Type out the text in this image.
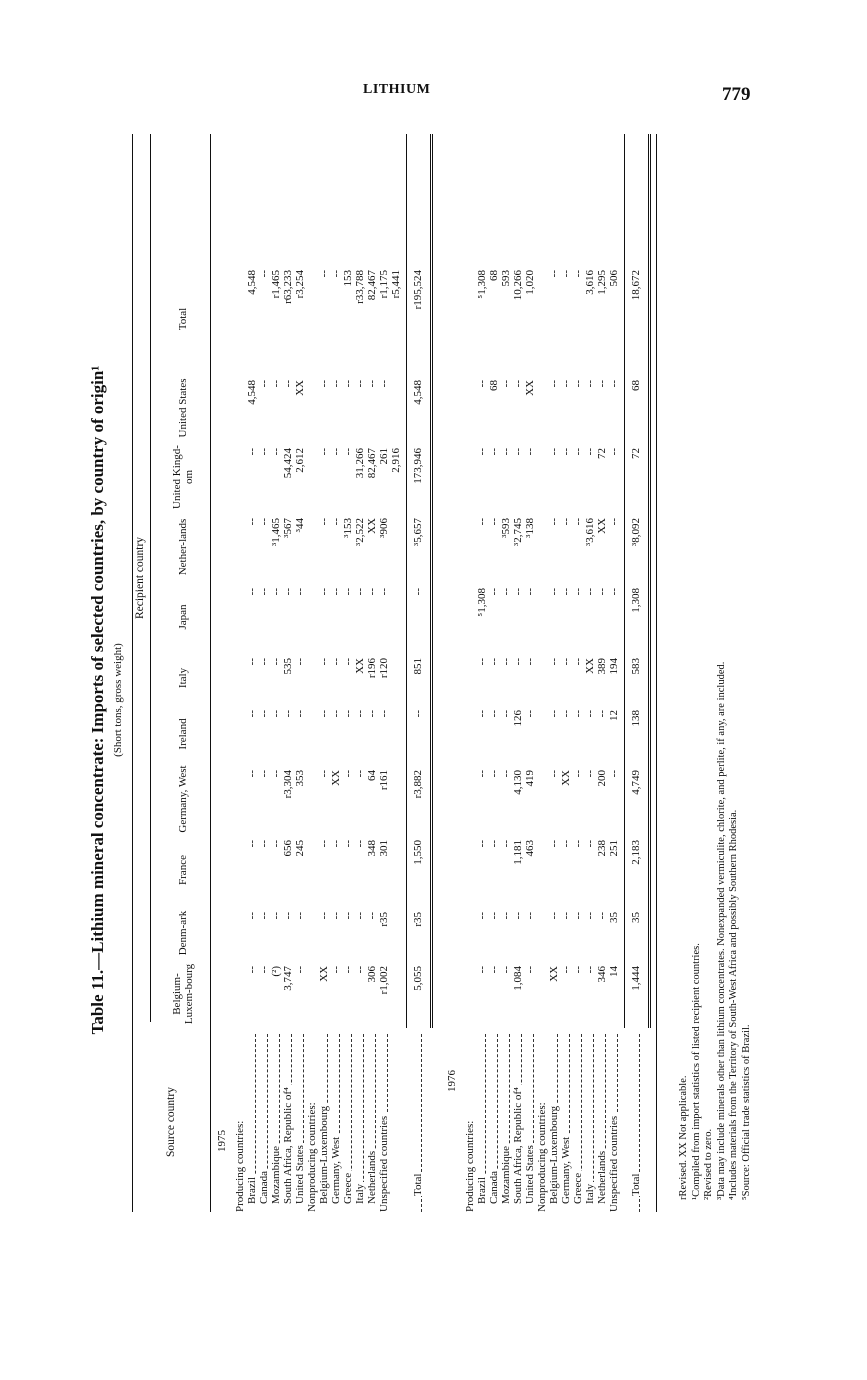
LITHIUM	779
Table 11.—Lithium mineral concentrate: Imports of selected countries, by country of origin¹ (Short tons, gross weight)
Source country
Recipient country
Belgium-Luxem-bourg
Denm-ark
France
Germany, West
Ireland
Italy
Japan
Nether-lands
United Kingd-om
United States
Total
1975 Producing countries: Brazil
--
--
--
--
--
--
--
--
--
4,548
4,548
Canada
--
--
--
--
--
--
--
--
--
--
--
Mozambique
(²)
--
--
--
--
--
--
³1,465
--
--
r1,465
South Africa, Republic of⁴
3,747
--
656
r3,304
--
535
--
³567
54,424
--
r63,233
United States
--
--
245
353
--
--
--
³44
2,612
XX
r3,254
Nonproducing countries: Belgium-Luxembourg
XX
--
--
--
--
--
--
--
--
--
--
Germany, West
--
--
--
XX
--
--
--
--
--
--
--
Greece
--
--
--
--
--
--
--
³153
--
--
153
Italy
--
--
--
--
--
XX
--
³2,522
31,266
--
r33,788
Netherlands
306
--
348
64
--
r196
--
XX
82,467
--
82,467
Unspecified countries
r1,002
r35
301
r161
--
r120
--
³906
261
--
r1,175
2,916
r5,441
Total
5,055
r35
1,550
r3,882
--
851
--
³5,657
173,946
4,548
r195,524
1976
Producing countries: Brazil
--
--
--
--
--
--
⁵1,308
--
--
--
⁵1,308
Canada
--
--
--
--
--
--
--
--
--
68
68
Mozambique
--
--
--
--
--
--
--
³593
--
--
593
South Africa, Republic of⁴
1,084
--
1,181
4,130
126
--
--
³2,745
--
--
10,266
United States
--
--
463
419
--
--
--
³138
--
XX
1,020
Nonproducing countries: Belgium-Luxembourg
XX
--
--
--
--
--
--
--
--
--
--
Germany, West
--
--
--
XX
--
--
--
--
--
--
--
Greece
--
--
--
--
--
--
--
--
--
--
--
Italy
--
--
--
--
--
XX
--
³3,616
--
--
3,616
Netherlands
346
--
238
200
--
389
--
XX
72
--
1,295
Unspecified countries
14
35
251
--
12
194
--
--
--
--
506
Total
1,444
35
2,183
4,749
138
583
1,308
³8,092
72
68
18,672
rRevised. XX Not applicable. ¹Compiled from import statistics of listed recipient countries. ²Revised to zero. ³Data may include minerals other than lithium concentrates. Nonexpanded vermiculite, chlorite, and perlite, if any, are included. ⁴Includes materials from the Territory of South-West Africa and possibly Southern Rhodesia. ⁵Source: Official trade statistics of Brazil.
